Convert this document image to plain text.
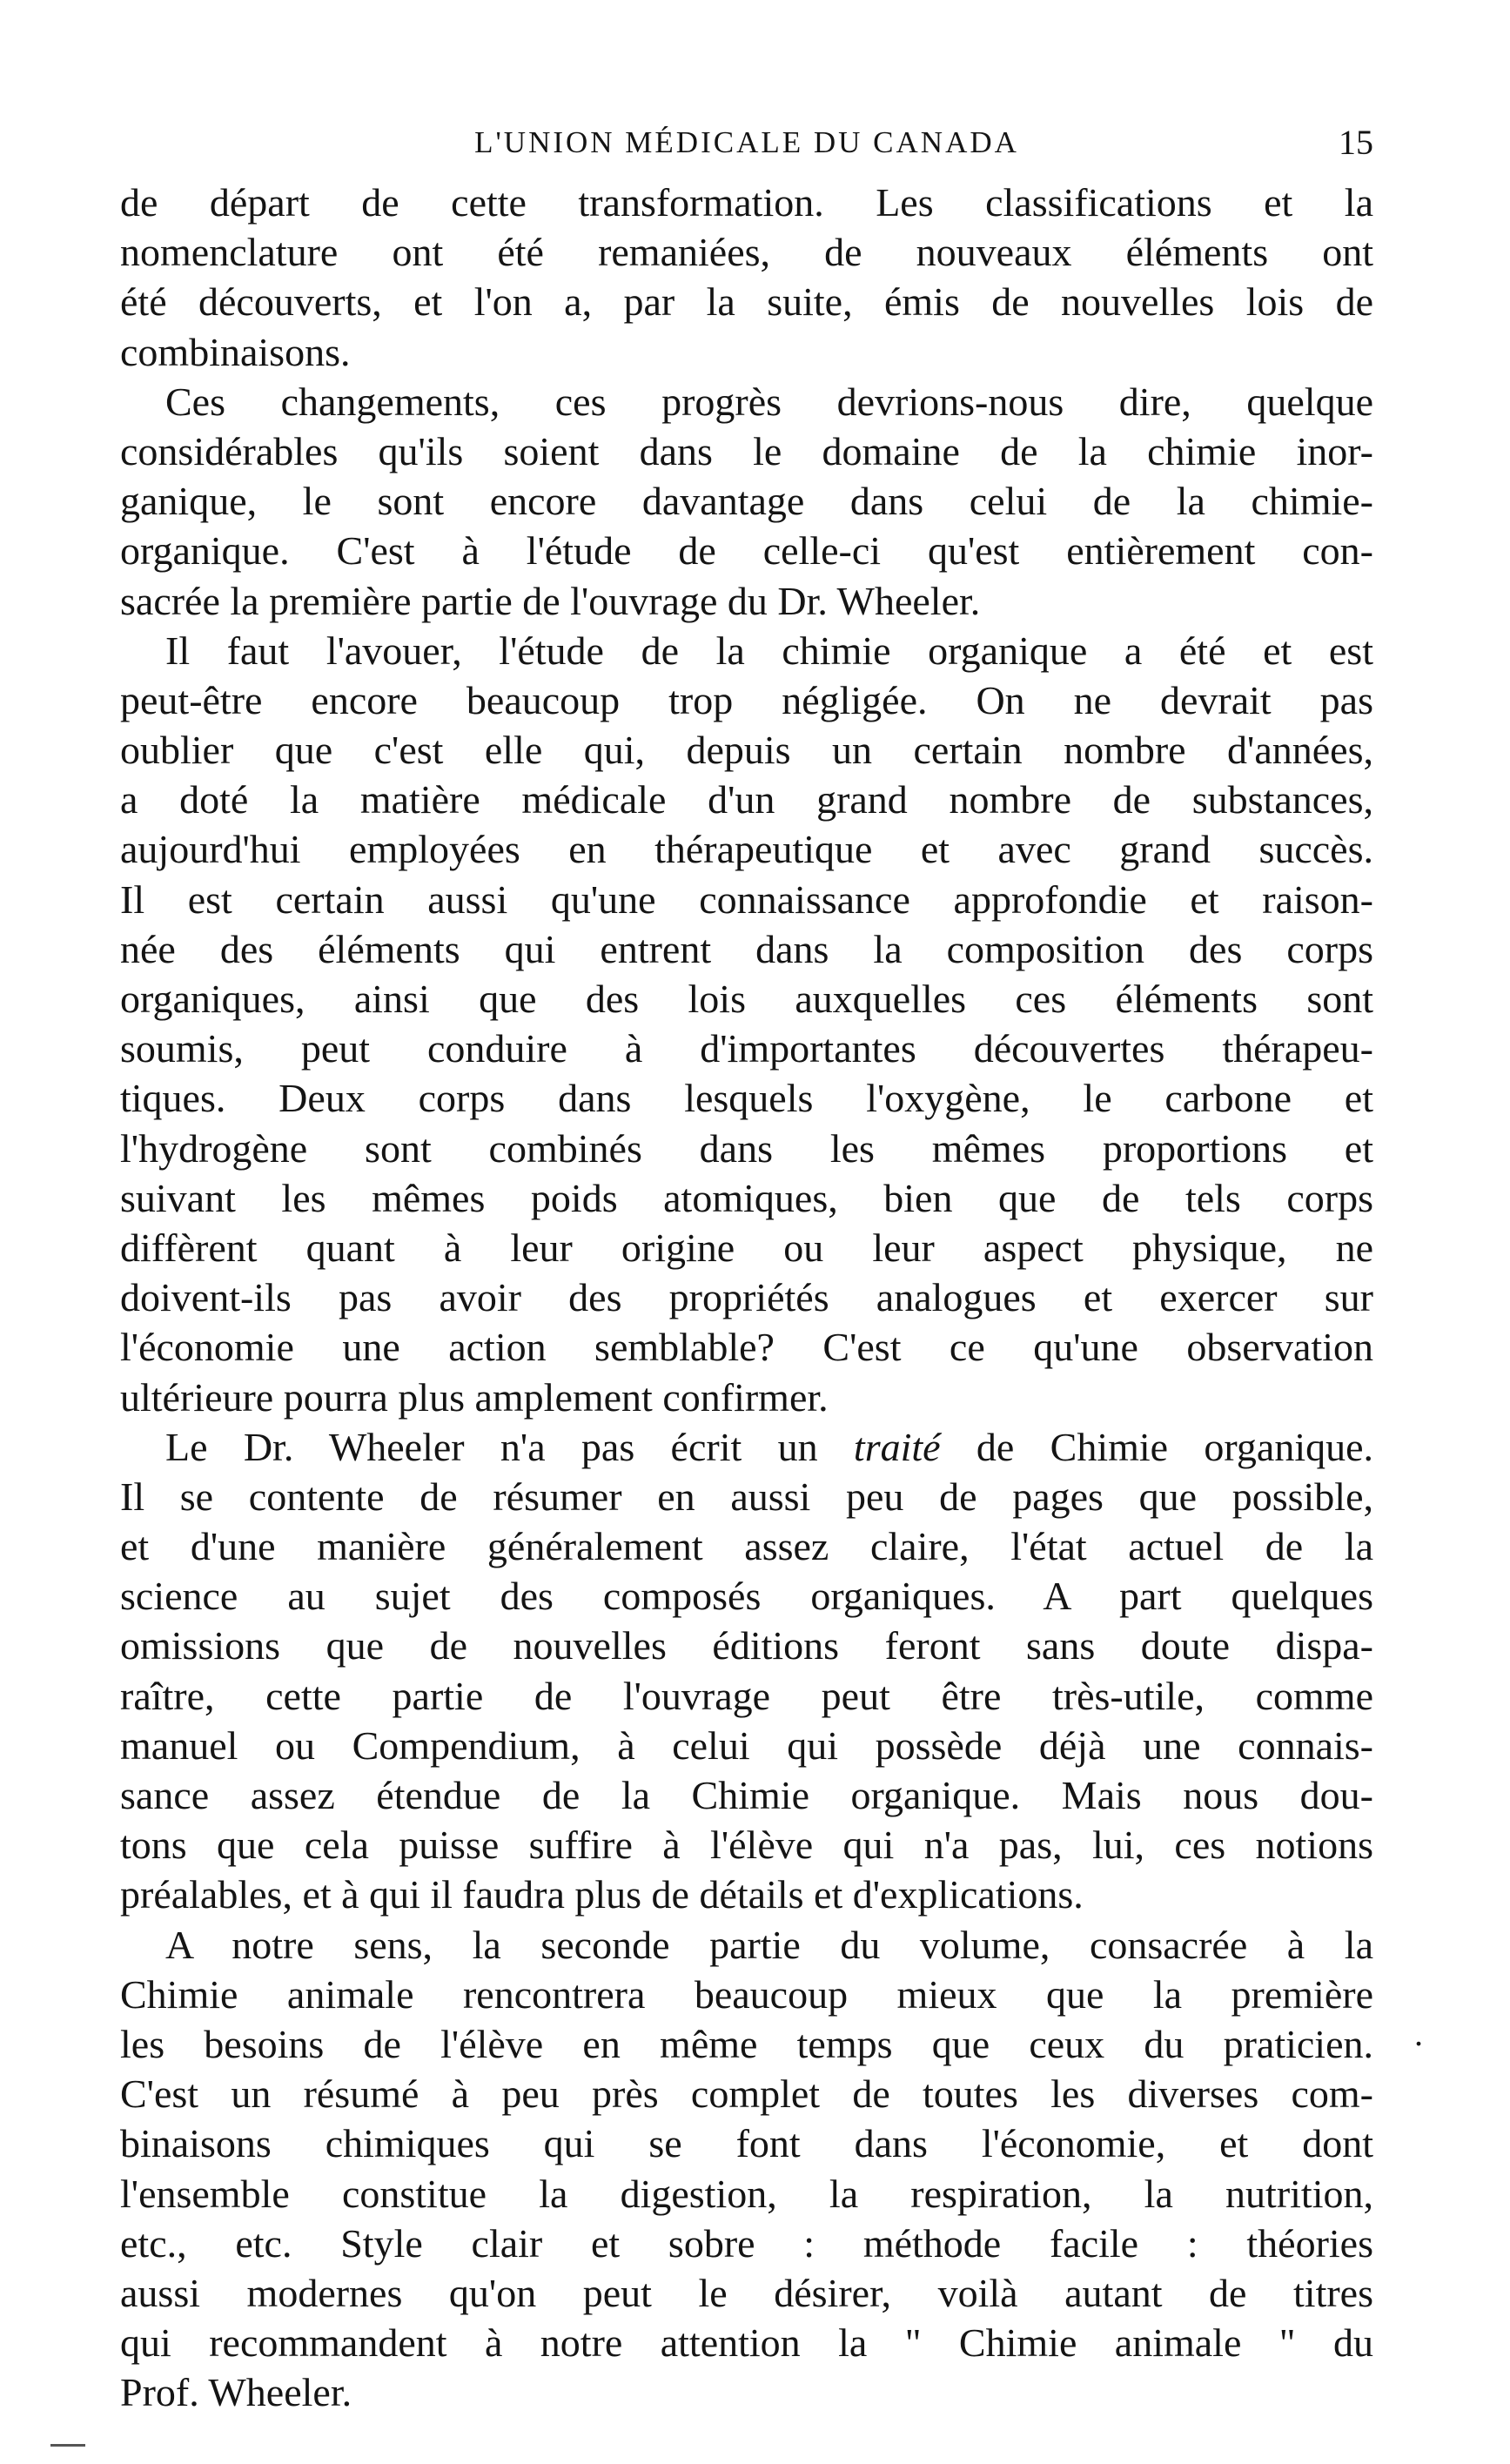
L'UNION MÉDICALE DU CANADA	15
de départ de cette transformation. Les classifications et la
nomenclature ont été remaniées, de nouveaux éléments ont
été découverts, et l'on a, par la suite, émis de nouvelles lois de
combinaisons.
Ces changements, ces progrès devrions-nous dire, quelque
considérables qu'ils soient dans le domaine de la chimie inor-
ganique, le sont encore davantage dans celui de la chimie-
organique. C'est à l'étude de celle-ci qu'est entièrement con-
sacrée la première partie de l'ouvrage du Dr. Wheeler.
Il faut l'avouer, l'étude de la chimie organique a été et est
peut-être encore beaucoup trop négligée. On ne devrait pas
oublier que c'est elle qui, depuis un certain nombre d'années,
a doté la matière médicale d'un grand nombre de substances,
aujourd'hui employées en thérapeutique et avec grand succès.
Il est certain aussi qu'une connaissance approfondie et raison-
née des éléments qui entrent dans la composition des corps
organiques, ainsi que des lois auxquelles ces éléments sont
soumis, peut conduire à d'importantes découvertes thérapeu-
tiques. Deux corps dans lesquels l'oxygène, le carbone et
l'hydrogène sont combinés dans les mêmes proportions et
suivant les mêmes poids atomiques, bien que de tels corps
diffèrent quant à leur origine ou leur aspect physique, ne
doivent-ils pas avoir des propriétés analogues et exercer sur
l'économie une action semblable? C'est ce qu'une observation
ultérieure pourra plus amplement confirmer.
Le Dr. Wheeler n'a pas écrit un traité de Chimie organique.
Il se contente de résumer en aussi peu de pages que possible,
et d'une manière généralement assez claire, l'état actuel de la
science au sujet des composés organiques. A part quelques
omissions que de nouvelles éditions feront sans doute dispa-
raître, cette partie de l'ouvrage peut être très-utile, comme
manuel ou Compendium, à celui qui possède déjà une connais-
sance assez étendue de la Chimie organique. Mais nous dou-
tons que cela puisse suffire à l'élève qui n'a pas, lui, ces notions
préalables, et à qui il faudra plus de détails et d'explications.
A notre sens, la seconde partie du volume, consacrée à la
Chimie animale rencontrera beaucoup mieux que la première
les besoins de l'élève en même temps que ceux du praticien.
C'est un résumé à peu près complet de toutes les diverses com-
binaisons chimiques qui se font dans l'économie, et dont
l'ensemble constitue la digestion, la respiration, la nutrition,
etc., etc. Style clair et sobre : méthode facile : théories
aussi modernes qu'on peut le désirer, voilà autant de titres
qui recommandent à notre attention la " Chimie animale " du
Prof. Wheeler.
.
